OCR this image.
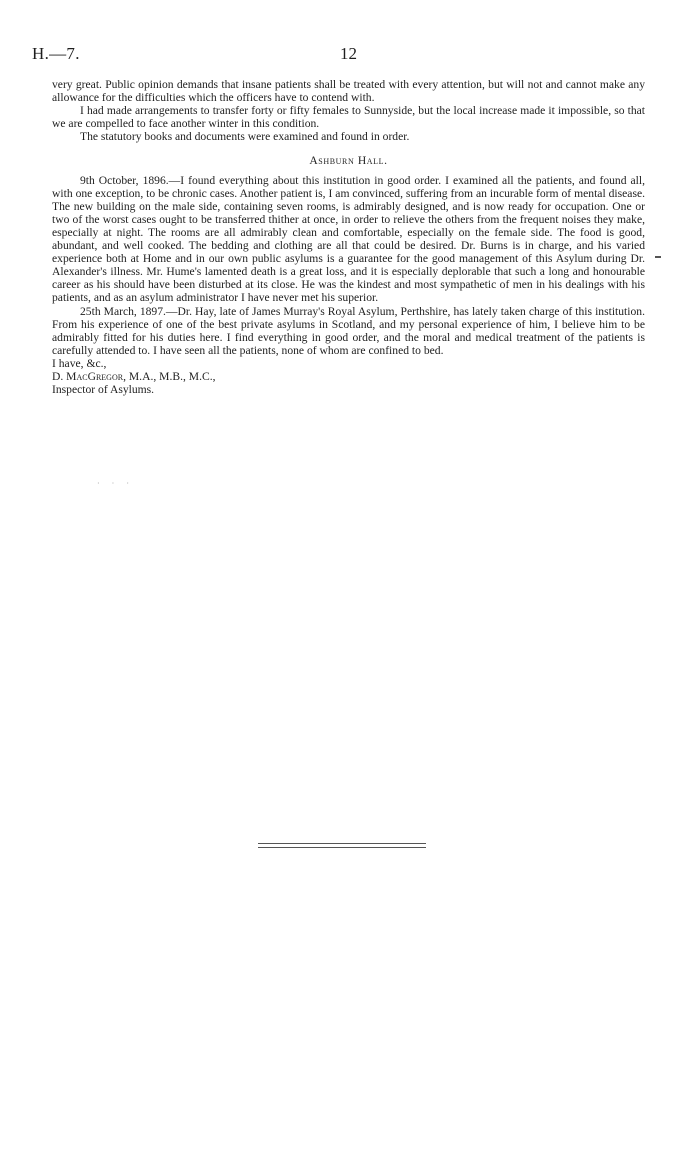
H.—7.	12

very great. Public opinion demands that insane patients shall be treated with every attention, but will not and cannot make any allowance for the difficulties which the officers have to contend with.

I had made arrangements to transfer forty or fifty females to Sunnyside, but the local increase made it impossible, so that we are compelled to face another winter in this condition.

The statutory books and documents were examined and found in order.

Ashburn Hall.

9th October, 1896.—I found everything about this institution in good order. I examined all the patients, and found all, with one exception, to be chronic cases. Another patient is, I am convinced, suffering from an incurable form of mental disease. The new building on the male side, containing seven rooms, is admirably designed, and is now ready for occupation. One or two of the worst cases ought to be transferred thither at once, in order to relieve the others from the frequent noises they make, especially at night. The rooms are all admirably clean and comfortable, especially on the female side. The food is good, abundant, and well cooked. The bedding and clothing are all that could be desired. Dr. Burns is in charge, and his varied experience both at Home and in our own public asylums is a guarantee for the good management of this Asylum during Dr. Alexander's illness. Mr. Hume's lamented death is a great loss, and it is especially deplorable that such a long and honourable career as his should have been disturbed at its close. He was the kindest and most sympathetic of men in his dealings with his patients, and as an asylum administrator I have never met his superior.

25th March, 1897.—Dr. Hay, late of James Murray's Royal Asylum, Perthshire, has lately taken charge of this institution. From his experience of one of the best private asylums in Scotland, and my personal experience of him, I believe him to be admirably fitted for his duties here. I find everything in good order, and the moral and medical treatment of the patients is carefully attended to. I have seen all the patients, none of whom are confined to bed.

I have, &c.,

D. MacGregor, M.A., M.B., M.C.,

Inspector of Asylums.

·​·​·
